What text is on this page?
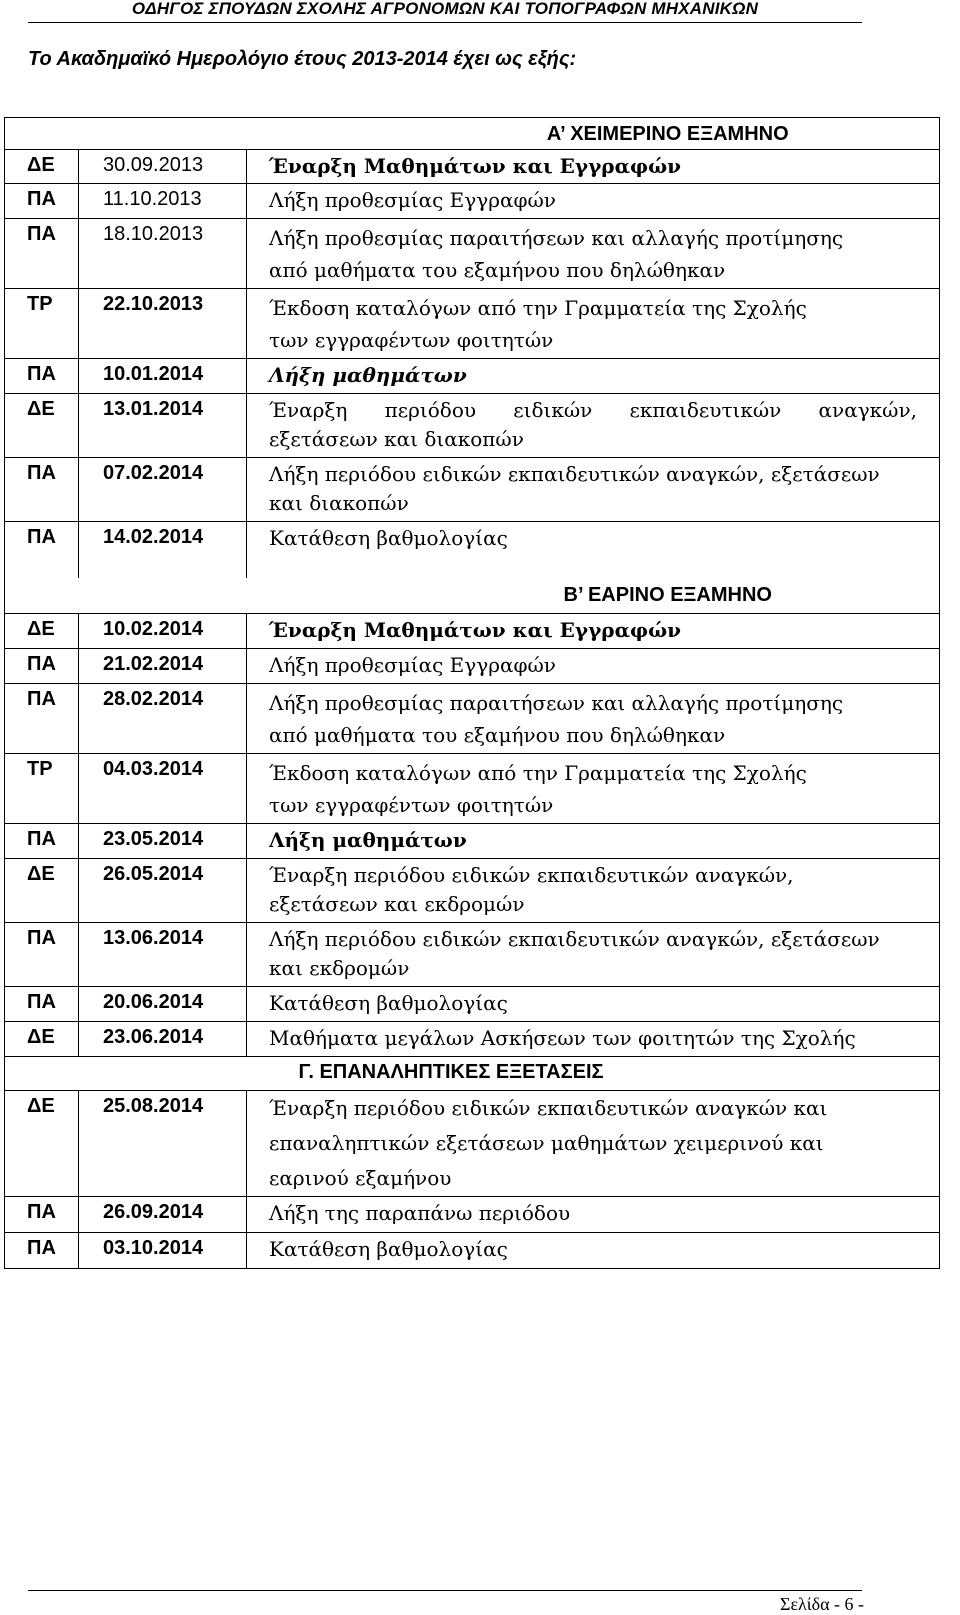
ΟΔΗΓΟΣ ΣΠΟΥΔΩΝ ΣΧΟΛΗΣ ΑΓΡΟΝΟΜΩΝ ΚΑΙ ΤΟΠΟΓΡΑΦΩΝ ΜΗΧΑΝΙΚΩΝ
Το Ακαδημαϊκό Ημερολόγιο έτους 2013-2014 έχει ως εξής:
		Α’ ΧΕΙΜΕΡΙΝΟ ΕΞΑΜΗΝΟ
ΔΕ	30.09.2013	Έναρξη Μαθημάτων και Εγγραφών
ΠΑ	11.10.2013	Λήξη προθεσμίας Εγγραφών
ΠΑ	18.10.2013	Λήξη προθεσμίας παραιτήσεων και αλλαγής προτίμησης
από μαθήματα του εξαμήνου που δηλώθηκαν

ΤΡ	22.10.2013	Έκδοση καταλόγων από την Γραμματεία της Σχολής
των εγγραφέντων φοιτητών

ΠΑ	10.01.2014	Λήξη μαθημάτων
ΔΕ	13.01.2014	Έναρξη περιόδου ειδικών εκπαιδευτικών αναγκών,
εξετάσεων και διακοπών

ΠΑ	07.02.2014	Λήξη περιόδου ειδικών εκπαιδευτικών αναγκών, εξετάσεων
και διακοπών

ΠΑ	14.02.2014	Κατάθεση βαθμολογίας
		Β’ ΕΑΡΙΝΟ ΕΞΑΜΗΝΟ
ΔΕ	10.02.2014	Έναρξη Μαθημάτων και Εγγραφών
ΠΑ	21.02.2014	Λήξη προθεσμίας Εγγραφών
ΠΑ	28.02.2014	Λήξη προθεσμίας παραιτήσεων και αλλαγής προτίμησης
από μαθήματα του εξαμήνου που δηλώθηκαν

ΤΡ	04.03.2014	Έκδοση καταλόγων από την Γραμματεία της Σχολής
των εγγραφέντων φοιτητών

ΠΑ	23.05.2014	Λήξη μαθημάτων
ΔΕ	26.05.2014	Έναρξη περιόδου ειδικών εκπαιδευτικών αναγκών,
εξετάσεων και εκδρομών

ΠΑ	13.06.2014	Λήξη περιόδου ειδικών εκπαιδευτικών αναγκών, εξετάσεων
και εκδρομών

ΠΑ	20.06.2014	Κατάθεση βαθμολογίας
ΔΕ	23.06.2014	Μαθήματα μεγάλων Ασκήσεων των φοιτητών της Σχολής
		Γ. ΕΠΑΝΑΛΗΠΤΙΚΕΣ ΕΞΕΤΑΣΕΙΣ
ΔΕ	25.08.2014	Έναρξη περιόδου ειδικών εκπαιδευτικών αναγκών και
επαναληπτικών εξετάσεων μαθημάτων χειμερινού και
εαρινού εξαμήνου

ΠΑ	26.09.2014	Λήξη της παραπάνω περιόδου
ΠΑ	03.10.2014	Κατάθεση βαθμολογίας
Σελίδα - 6 -
